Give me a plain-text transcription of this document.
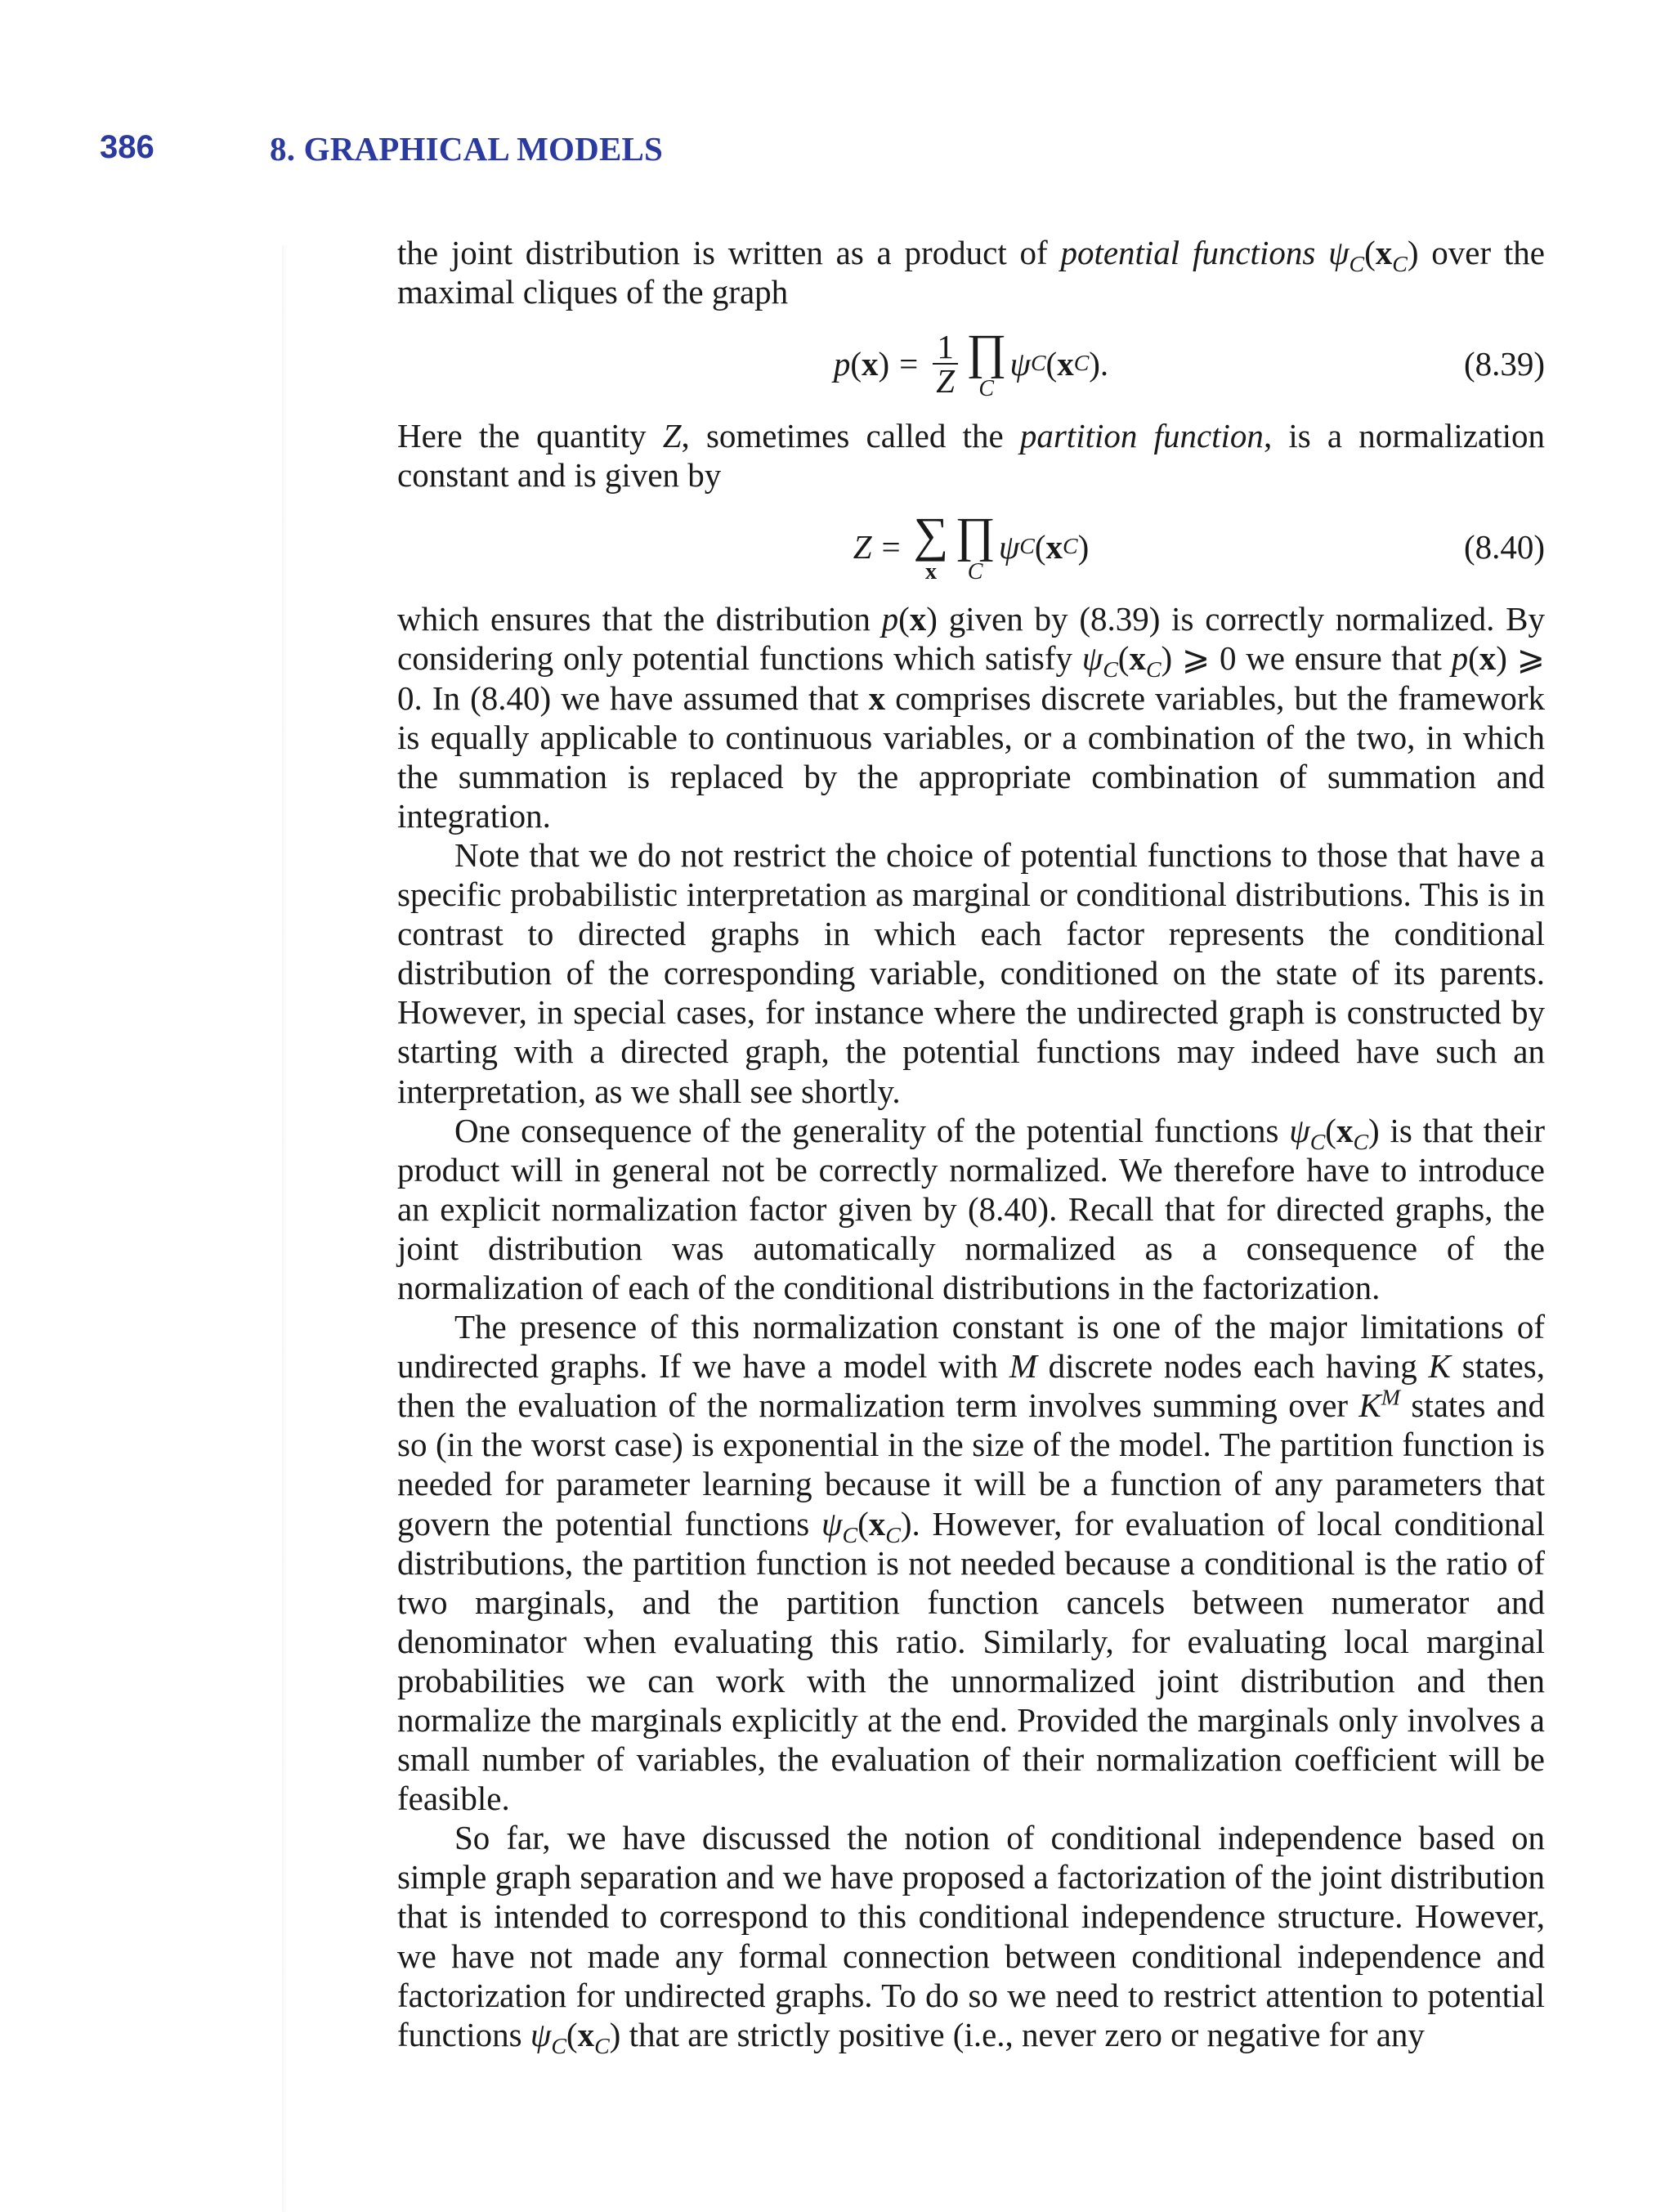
386	8. GRAPHICAL MODELS

the joint distribution is written as a product of potential functions $\psi_C(x_C)$ over the maximal cliques of the graph

p ( x ) = $\frac{1}{Z}$ ∏
C
ψ C ( x C ).	(8.39)

Here the quantity Z, sometimes called the partition function, is a normalization constant and is given by

Z = ∑
x
∏
C
ψ C ( x C )	(8.40)

which ensures that the distribution p(x) given by (8.39) is correctly normalized. By considering only potential functions which satisfy $\psi_C(x_C)$ ⩾ 0 we ensure that p(x) ⩾ 0. In (8.40) we have assumed that x comprises discrete variables, but the framework is equally applicable to continuous variables, or a combination of the two, in which the summation is replaced by the appropriate combination of summation and integration.

Note that we do not restrict the choice of potential functions to those that have a specific probabilistic interpretation as marginal or conditional distributions. This is in contrast to directed graphs in which each factor represents the conditional distribution of the corresponding variable, conditioned on the state of its parents. However, in special cases, for instance where the undirected graph is constructed by starting with a directed graph, the potential functions may indeed have such an interpretation, as we shall see shortly.

One consequence of the generality of the potential functions $\psi_C(x_C)$ is that their product will in general not be correctly normalized. We therefore have to introduce an explicit normalization factor given by (8.40). Recall that for directed graphs, the joint distribution was automatically normalized as a consequence of the normalization of each of the conditional distributions in the factorization.

The presence of this normalization constant is one of the major limitations of undirected graphs. If we have a model with M discrete nodes each having K states, then the evaluation of the normalization term involves summing over $K^M$ states and so (in the worst case) is exponential in the size of the model. The partition function is needed for parameter learning because it will be a function of any parameters that govern the potential functions $\psi_C(x_C)$. However, for evaluation of local conditional distributions, the partition function is not needed because a conditional is the ratio of two marginals, and the partition function cancels between numerator and denominator when evaluating this ratio. Similarly, for evaluating local marginal probabilities we can work with the unnormalized joint distribution and then normalize the marginals explicitly at the end. Provided the marginals only involves a small number of variables, the evaluation of their normalization coefficient will be feasible.

So far, we have discussed the notion of conditional independence based on simple graph separation and we have proposed a factorization of the joint distribution that is intended to correspond to this conditional independence structure. However, we have not made any formal connection between conditional independence and factorization for undirected graphs. To do so we need to restrict attention to potential functions $\psi_C(x_C)$ that are strictly positive (i.e., never zero or negative for any
